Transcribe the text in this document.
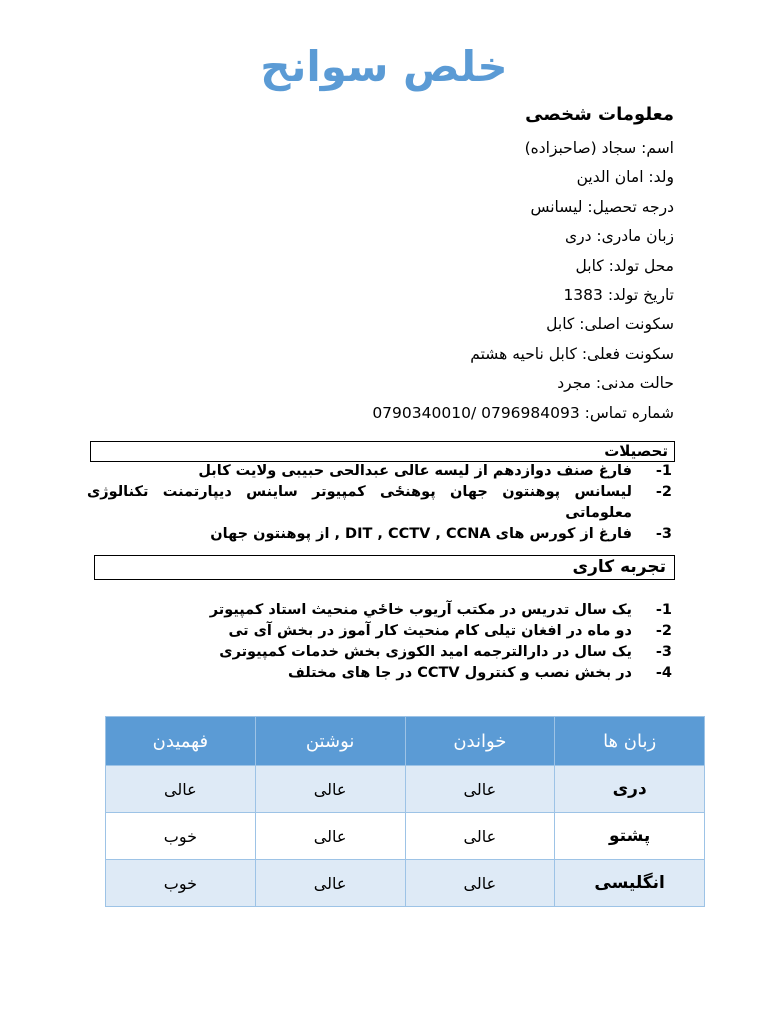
خلص سوانح
معلومات شخصی
اسم: سجاد (صاحبزاده)
ولد: امان الدین
درجه تحصیل: لیسانس
زبان مادری: دری
محل تولد: کابل
تاریخ تولد: 1383
سکونت اصلی: کابل
سکونت فعلی: کابل ناحیه هشتم
حالت مدنی: مجرد
شماره تماس: 0796984093 /0790340010
تحصیلات
-1
فارغ صنف دوازدهم از لیسه عالی عبدالحی حبیبی ولایت کابل
-2
لیسانس پوهنتون جهان پوهنځی کمپیوتر ساینس دیپارتمنت تکنالوژی معلوماتی
-3
فارغ از کورس های DIT , CCTV , CCNA , از پوهنتون جهان
تجربه کاری
-1
یک سال تدریس در مکتب آریوب خاځي منحیث استاد کمپیوتر
-2
دو ماه در افغان تیلی کام منحیث کار آموز در بخش آی تی
-3
یک سال در دارالترجمه امید الکوزی بخش خدمات کمپیوتری
-4
در بخش نصب و کنترول CCTV در جا های مختلف
زبان ها	خواندن	نوشتن	فهمیدن
دری	عالی	عالی	عالی
پشتو	عالی	عالی	خوب
انگلیسی	عالی	عالی	خوب
